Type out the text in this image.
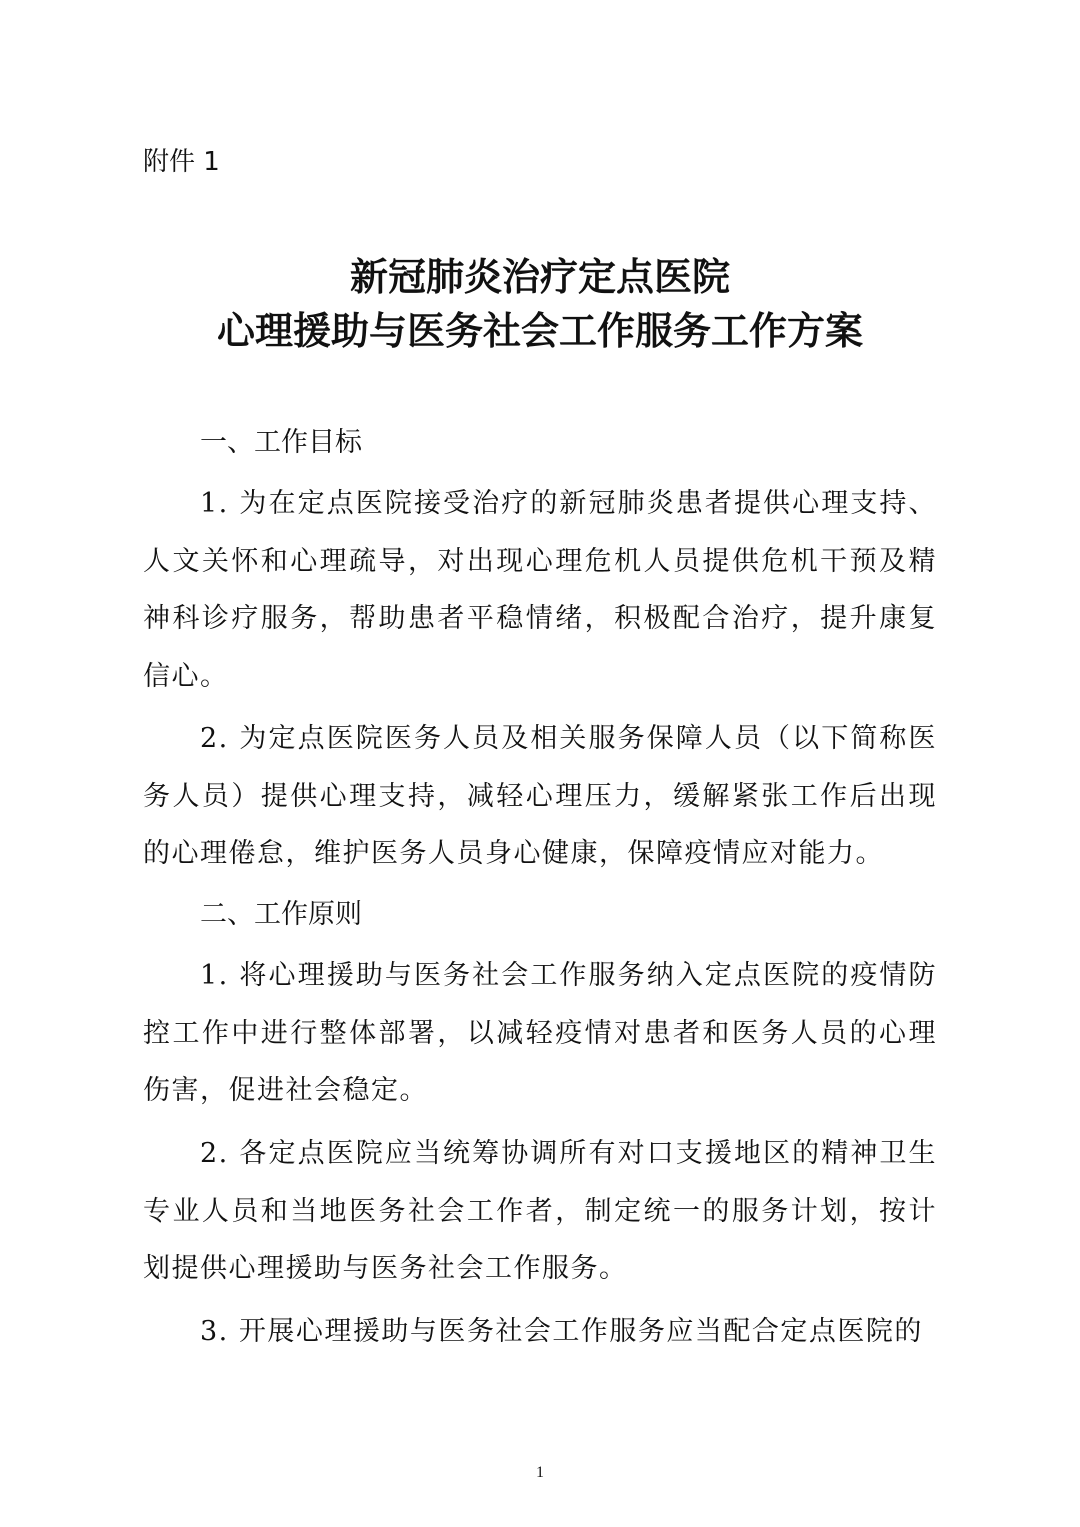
附件 1
新冠肺炎治疗定点医院
心理援助与医务社会工作服务工作方案
一、工作目标
1. 为在定点医院接受治疗的新冠肺炎患者提供心理支持、人文关怀和心理疏导，对出现心理危机人员提供危机干预及精神科诊疗服务，帮助患者平稳情绪，积极配合治疗，提升康复信心。
2. 为定点医院医务人员及相关服务保障人员（以下简称医务人员）提供心理支持，减轻心理压力，缓解紧张工作后出现的心理倦怠，维护医务人员身心健康，保障疫情应对能力。
二、工作原则
1. 将心理援助与医务社会工作服务纳入定点医院的疫情防控工作中进行整体部署，以减轻疫情对患者和医务人员的心理伤害，促进社会稳定。
2. 各定点医院应当统筹协调所有对口支援地区的精神卫生专业人员和当地医务社会工作者，制定统一的服务计划，按计划提供心理援助与医务社会工作服务。
3. 开展心理援助与医务社会工作服务应当配合定点医院的
1
